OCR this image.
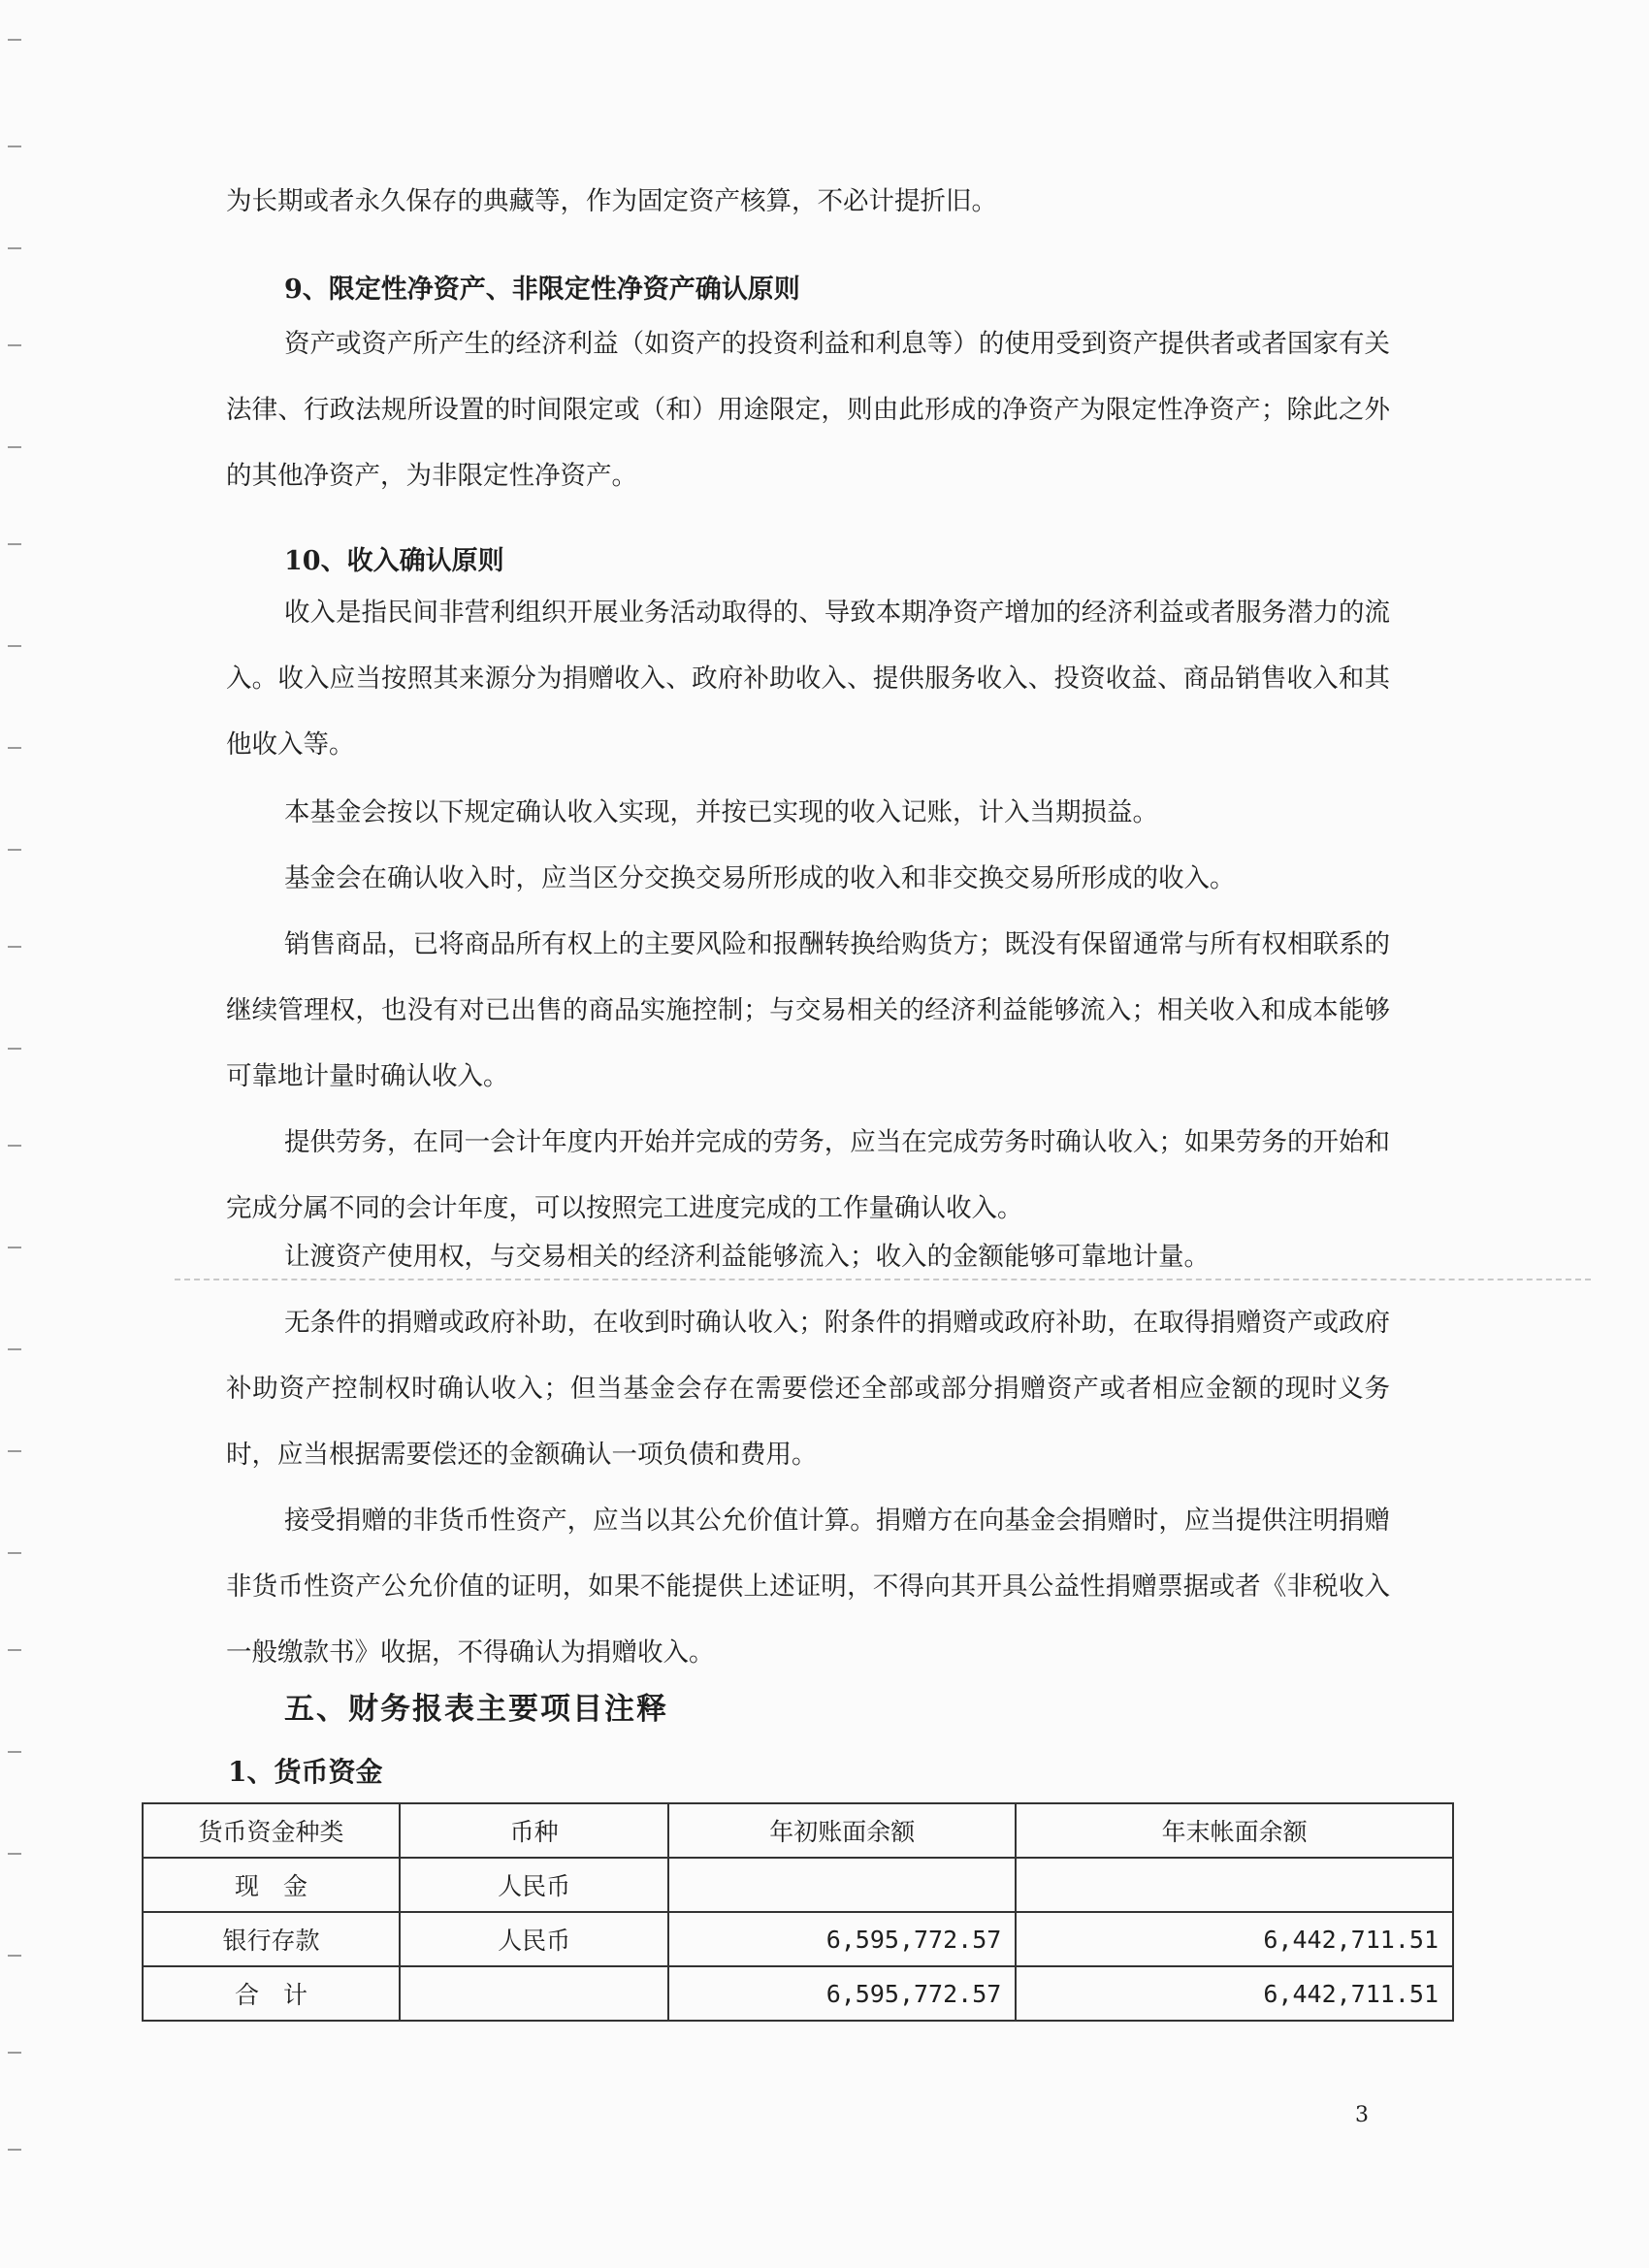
为长期或者永久保存的典藏等，作为固定资产核算，不必计提折旧。

9、限定性净资产、非限定性净资产确认原则

资产或资产所产生的经济利益（如资产的投资利益和利息等）的使用受到资产提供者或者国家有关法律、行政法规所设置的时间限定或（和）用途限定，则由此形成的净资产为限定性净资产；除此之外的其他净资产，为非限定性净资产。

10、收入确认原则

收入是指民间非营利组织开展业务活动取得的、导致本期净资产增加的经济利益或者服务潜力的流入。收入应当按照其来源分为捐赠收入、政府补助收入、提供服务收入、投资收益、商品销售收入和其他收入等。

本基金会按以下规定确认收入实现，并按已实现的收入记账，计入当期损益。

基金会在确认收入时，应当区分交换交易所形成的收入和非交换交易所形成的收入。

销售商品，已将商品所有权上的主要风险和报酬转换给购货方；既没有保留通常与所有权相联系的继续管理权，也没有对已出售的商品实施控制；与交易相关的经济利益能够流入；相关收入和成本能够可靠地计量时确认收入。

提供劳务，在同一会计年度内开始并完成的劳务，应当在完成劳务时确认收入；如果劳务的开始和完成分属不同的会计年度，可以按照完工进度完成的工作量确认收入。

让渡资产使用权，与交易相关的经济利益能够流入；收入的金额能够可靠地计量。

无条件的捐赠或政府补助，在收到时确认收入；附条件的捐赠或政府补助，在取得捐赠资产或政府补助资产控制权时确认收入；但当基金会存在需要偿还全部或部分捐赠资产或者相应金额的现时义务时，应当根据需要偿还的金额确认一项负债和费用。

接受捐赠的非货币性资产，应当以其公允价值计算。捐赠方在向基金会捐赠时，应当提供注明捐赠非货币性资产公允价值的证明，如果不能提供上述证明，不得向其开具公益性捐赠票据或者《非税收入一般缴款书》收据，不得确认为捐赠收入。

五、财务报表主要项目注释

1、货币资金

货币资金种类	币种	年初账面余额	年末帐面余额
现　金	人民币		
银行存款	人民币	6,595,772.57	6,442,711.51
合　计		6,595,772.57	6,442,711.51
3
